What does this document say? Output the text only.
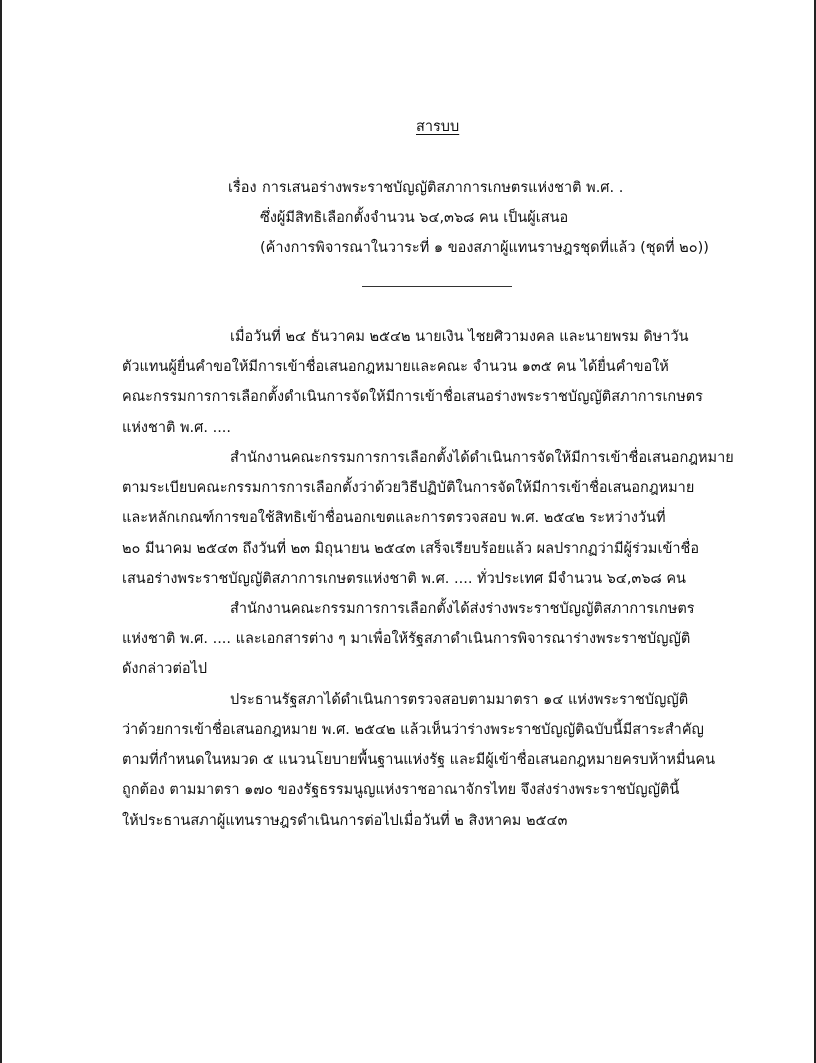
สารบบ
เรื่อง การเสนอร่างพระราชบัญญัติสภาการเกษตรแห่งชาติ พ.ศ. .
ซึ่งผู้มีสิทธิเลือกตั้งจำนวน ๖๔,๓๖๘ คน เป็นผู้เสนอ
(ค้างการพิจารณาในวาระที่ ๑ ของสภาผู้แทนราษฎรชุดที่แล้ว (ชุดที่ ๒๐))
เมื่อวันที่ ๒๔ ธันวาคม ๒๕๔๒ นายเงิน ไชยศิวามงคล และนายพรม ดิษาวัน
ตัวแทนผู้ยื่นคำขอให้มีการเข้าชื่อเสนอกฎหมายและคณะ จำนวน ๑๓๕ คน ได้ยื่นคำขอให้
คณะกรรมการการเลือกตั้งดำเนินการจัดให้มีการเข้าชื่อเสนอร่างพระราชบัญญัติสภาการเกษตร
แห่งชาติ พ.ศ. ....
สำนักงานคณะกรรมการการเลือกตั้งได้ดำเนินการจัดให้มีการเข้าชื่อเสนอกฎหมาย
ตามระเบียบคณะกรรมการการเลือกตั้งว่าด้วยวิธีปฏิบัติในการจัดให้มีการเข้าชื่อเสนอกฎหมาย
และหลักเกณฑ์การขอใช้สิทธิเข้าชื่อนอกเขตและการตรวจสอบ พ.ศ. ๒๕๔๒ ระหว่างวันที่
๒๐ มีนาคม ๒๕๔๓ ถึงวันที่ ๒๓ มิถุนายน ๒๕๔๓ เสร็จเรียบร้อยแล้ว ผลปรากฏว่ามีผู้ร่วมเข้าชื่อ
เสนอร่างพระราชบัญญัติสภาการเกษตรแห่งชาติ พ.ศ. .... ทั่วประเทศ มีจำนวน ๖๔,๓๖๘ คน
สำนักงานคณะกรรมการการเลือกตั้งได้ส่งร่างพระราชบัญญัติสภาการเกษตร
แห่งชาติ พ.ศ. .... และเอกสารต่าง ๆ มาเพื่อให้รัฐสภาดำเนินการพิจารณาร่างพระราชบัญญัติ
ดังกล่าวต่อไป
ประธานรัฐสภาได้ดำเนินการตรวจสอบตามมาตรา ๑๔ แห่งพระราชบัญญัติ
ว่าด้วยการเข้าชื่อเสนอกฎหมาย พ.ศ. ๒๕๔๒ แล้วเห็นว่าร่างพระราชบัญญัติฉบับนี้มีสาระสำคัญ
ตามที่กำหนดในหมวด ๕ แนวนโยบายพื้นฐานแห่งรัฐ และมีผู้เข้าชื่อเสนอกฎหมายครบห้าหมื่นคน
ถูกต้อง ตามมาตรา ๑๗๐ ของรัฐธรรมนูญแห่งราชอาณาจักรไทย จึงส่งร่างพระราชบัญญัตินี้
ให้ประธานสภาผู้แทนราษฎรดำเนินการต่อไปเมื่อวันที่ ๒ สิงหาคม ๒๕๔๓
